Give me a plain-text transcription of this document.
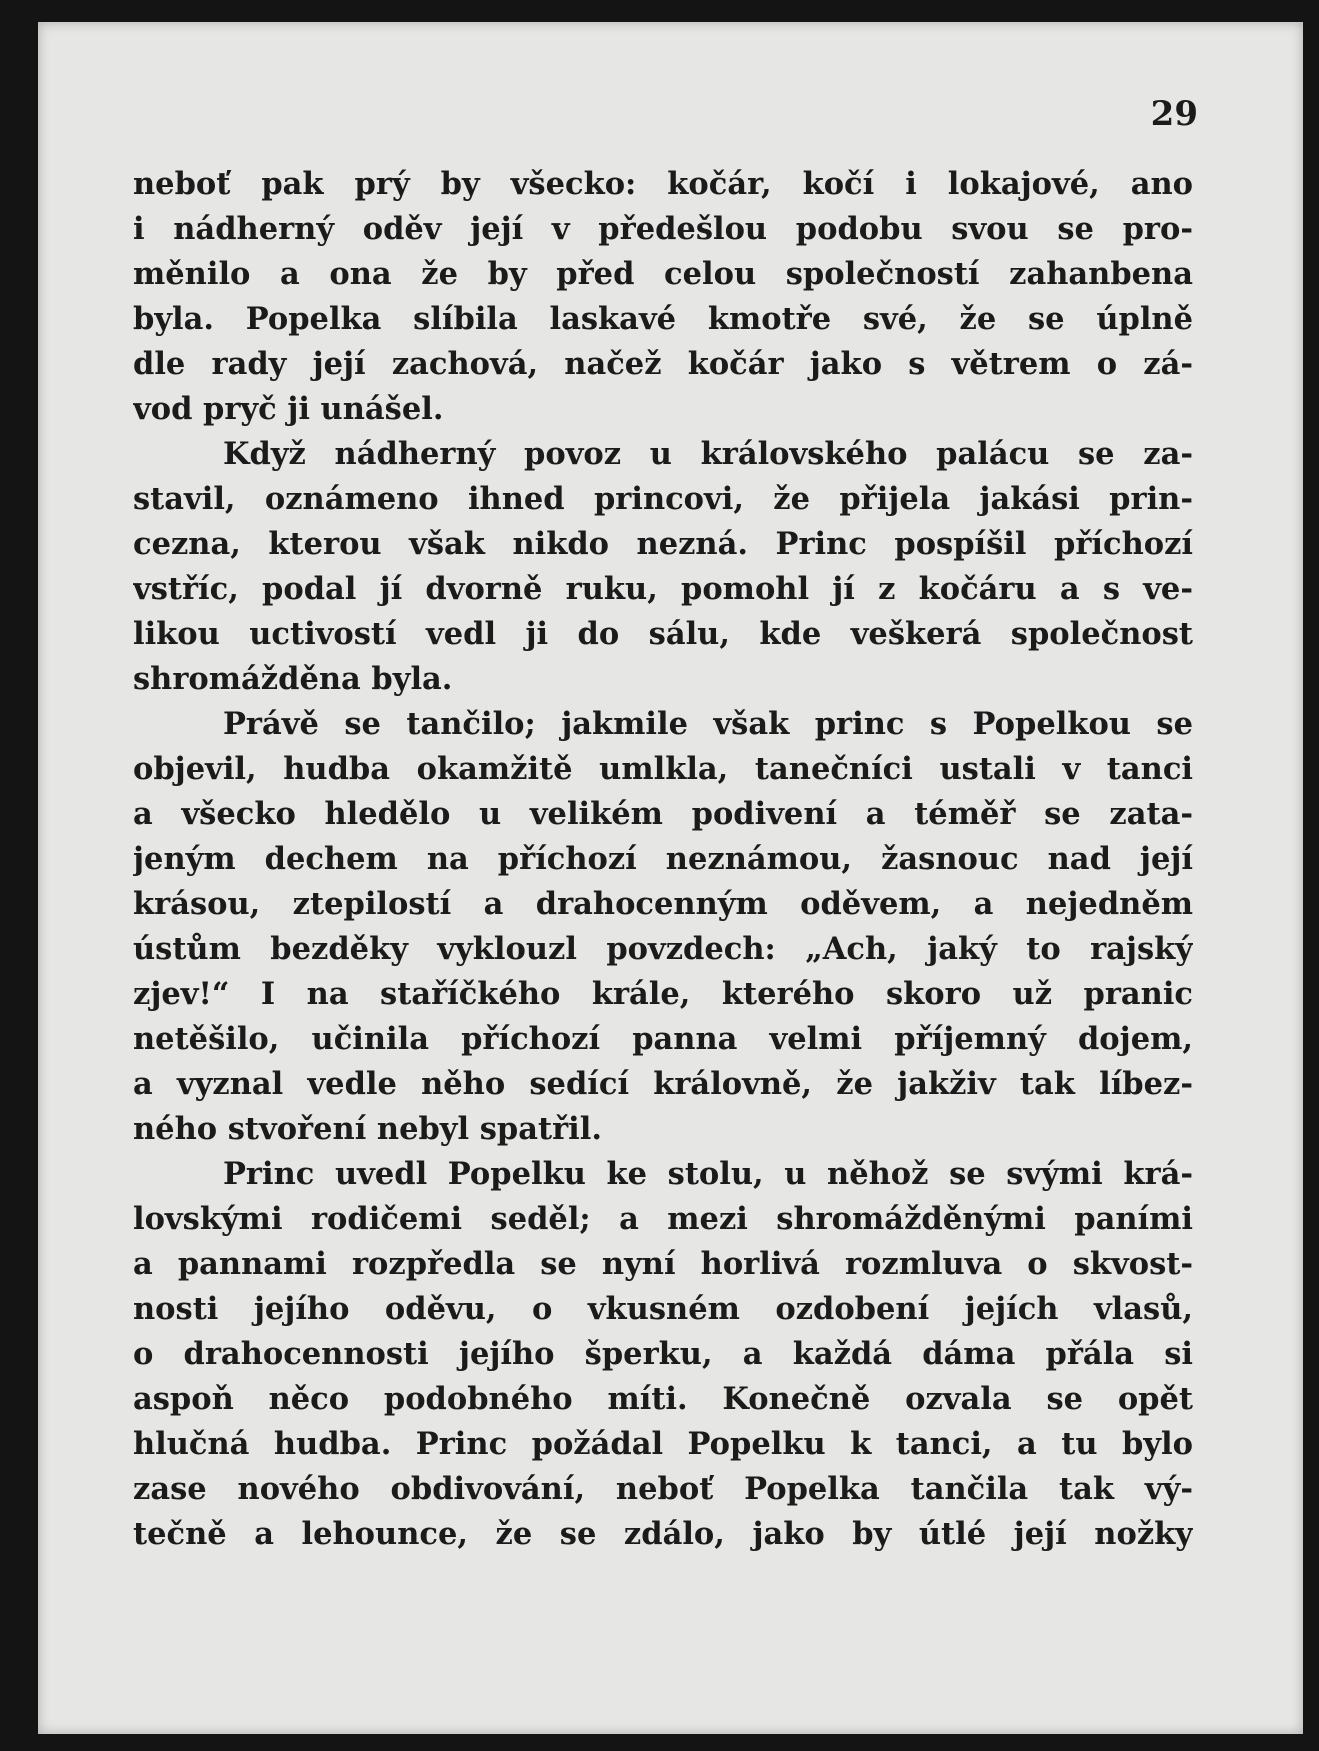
29
neboť pak prý by všecko: kočár, kočí i lokajové, ano
i nádherný oděv její v předešlou podobu svou se pro-
měnilo a ona že by před celou společností zahanbena
byla. Popelka slíbila laskavé kmotře své, že se úplně
dle rady její zachová, načež kočár jako s větrem o zá-
vod pryč ji unášel.
Když nádherný povoz u královského palácu se za-
stavil, oznámeno ihned princovi, že přijela jakási prin-
cezna, kterou však nikdo nezná. Princ pospíšil příchozí
vstříc, podal jí dvorně ruku, pomohl jí z kočáru a s ve-
likou uctivostí vedl ji do sálu, kde veškerá společnost
shromážděna byla.
Právě se tančilo; jakmile však princ s Popelkou se
objevil, hudba okamžitě umlkla, tanečníci ustali v tanci
a všecko hledělo u velikém podivení a téměř se zata-
jeným dechem na příchozí neznámou, žasnouc nad její
krásou, ztepilostí a drahocenným oděvem, a nejedněm
ústům bezděky vyklouzl povzdech: „Ach, jaký to rajský
zjev!“ I na staříčkého krále, kterého skoro už pranic
netěšilo, učinila příchozí panna velmi příjemný dojem,
a vyznal vedle něho sedící královně, že jakživ tak líbez-
ného stvoření nebyl spatřil.
Princ uvedl Popelku ke stolu, u něhož se svými krá-
lovskými rodičemi seděl; a mezi shromážděnými paními
a pannami rozpředla se nyní horlivá rozmluva o skvost-
nosti jejího oděvu, o vkusném ozdobení jejích vlasů,
o drahocennosti jejího šperku, a každá dáma přála si
aspoň něco podobného míti. Konečně ozvala se opět
hlučná hudba. Princ požádal Popelku k tanci, a tu bylo
zase nového obdivování, neboť Popelka tančila tak vý-
tečně a lehounce, že se zdálo, jako by útlé její nožky
